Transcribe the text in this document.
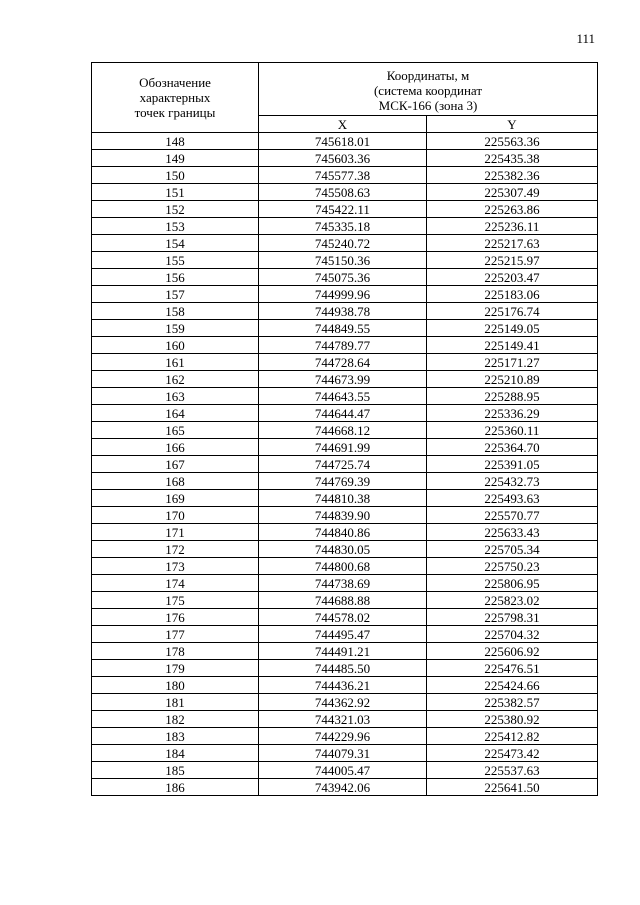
111
Обозначение
характерных
точек границы	Координаты, м
(система координат
МСК-166 (зона 3)	

	X	Y
148	745618.01	225563.36
149	745603.36	225435.38
150	745577.38	225382.36
151	745508.63	225307.49
152	745422.11	225263.86
153	745335.18	225236.11
154	745240.72	225217.63
155	745150.36	225215.97
156	745075.36	225203.47
157	744999.96	225183.06
158	744938.78	225176.74
159	744849.55	225149.05
160	744789.77	225149.41
161	744728.64	225171.27
162	744673.99	225210.89
163	744643.55	225288.95
164	744644.47	225336.29
165	744668.12	225360.11
166	744691.99	225364.70
167	744725.74	225391.05
168	744769.39	225432.73
169	744810.38	225493.63
170	744839.90	225570.77
171	744840.86	225633.43
172	744830.05	225705.34
173	744800.68	225750.23
174	744738.69	225806.95
175	744688.88	225823.02
176	744578.02	225798.31
177	744495.47	225704.32
178	744491.21	225606.92
179	744485.50	225476.51
180	744436.21	225424.66
181	744362.92	225382.57
182	744321.03	225380.92
183	744229.96	225412.82
184	744079.31	225473.42
185	744005.47	225537.63
186	743942.06	225641.50
